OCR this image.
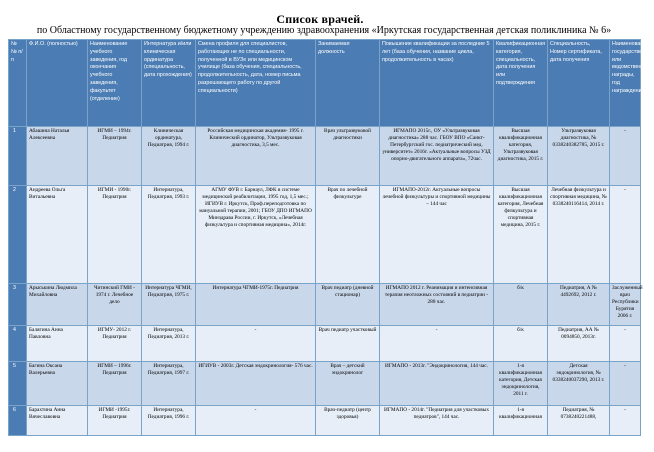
Список врачей.
по Областному государственному бюджетному учреждению здравоохранения «Иркутская государственная детская поликлиника № 6»
№ № п/п	Ф.И.О. (полностью)	Наименование учебного заведения, год окончания учебного заведения, факультет (отделение)	Интернатура и/или клиническая ординатура (специальность, дата прохождения)	Смена профиля для специалистов, работающих не по специальности, полученной в ВУЗе или медицинском училище (база обучения, специальность, продолжительность, дата, номер письма разрешающего работу по другой специальности)	Занимаемая должность	Повышение квалификации за последние 5 лет (база обучения, название цикла, продолжительность в часах)	Квалификационная категория, специальность, дата получения или подтверждения	Специальность, Номер сертификата, дата получения	Наименование государственной или ведомственной награды, год награждения
1	Абашина Наталья Алексеевна	ИГМИ – 1994г. Педиатрия	Клиническая ординатура, Педиатрия, 1994 г.	Российская медицинская академия- 1995 г. Клинический ординатор, Ультразвуковая диагностика, 3,5 мес.	Врач ультразвуковой диагностики	ИГМАПО 2015г., ОУ «Ультразвуковая диагностика» 288 час. ГБОУ ВПО «Санкт-Петербургский гос. педиатрический мед. университет» 2016г. «Актуальные вопросы УЗД опорно-двигательного аппарата», 72час.	Высшая квалификационная категория, Ультразвуковая диагностика, 2015 г.	Ультразвуковая диагностика, № 0338240382785, 2015 г.	-
2	Андреева Ольга Витальевна	ИГМИ - 1990г. Педиатрия	Интернатура, Педиатрия, 1993 г.	АГМУ ФУВ г. Барнаул, ЛФК в системе медицинской реабилитации, 1995 год, 1,5 мес.; ИГИУВ г. Иркутск, Проф.переподготовка по мануальной терапии, 2001; ГБОУ ДПО ИГМАПО Минздрава России, г. Иркутск, «Лечебная физкультура и спортивная медицина», 2014г.	Врач по лечебной физкультуре	ИГМАПО-2012г. Актуальные вопросы лечебной физкультуры и спортивной медицины – 144 час	Высшая квалификационная категория, Лечебная физкультура и спортивная медицина, 2015 г.	Лечебная физкультура и спортивная медицина, № 0338240116414, 2014 г.	-
3	Арыськина Людмила Михайловна	Читинский ГМИ - 1974 г. Лечебное дело	Интернатура ЧГМИ, Педиатрия, 1975 г.	Интернатура ЧГМИ-1975г. Педиатрия	Врач педиатр (дневной стационар)	ИГМАПО 2012 г. Реанимация и интенсивная терапия неотложных состояний в педиатрии - 288 час.	б/к	Педиатрия, А № 4492692, 2012 г.	Заслуженный врач Республики Бурятия 2006 г.
4	Балягина Анна Павловна	ИГМУ- 2012 г. Педиатрия	Интернатура, Педиатрия, 2013 г.	-	Врач педиатр участковый	-	б/к	Педиатрия, АА № 0094850, 2013г.	-
5	Багина Оксана Валерьевна	ИГМИ – 1996г. Педиатрия	Интернатура, Педиатрия, 1997 г.	ИГИУВ - 2003г. Детская эндокринология- 576 час.	Врач – детский эндокринолог	ИГМАПО - 2013г. "Эндокринология, 144 час.	1-я квалификационная категория, Детская эндокринология, 2011 г.	Детская эндокринология, № 0338240037290, 2013 г.	-
6	Барахтина Анна Вячеславовна	ИГМИ -1995г. Педиатрия	Интернатура, Педиатрия, 1996 г.	-	Врач-педиатр (центр здоровья)	ИГМАПО - 2014г. "Педиатрия для участковых педиатров", 144 час.	1-я квалификационная	Педиатрия, № 0738240221488,	-
